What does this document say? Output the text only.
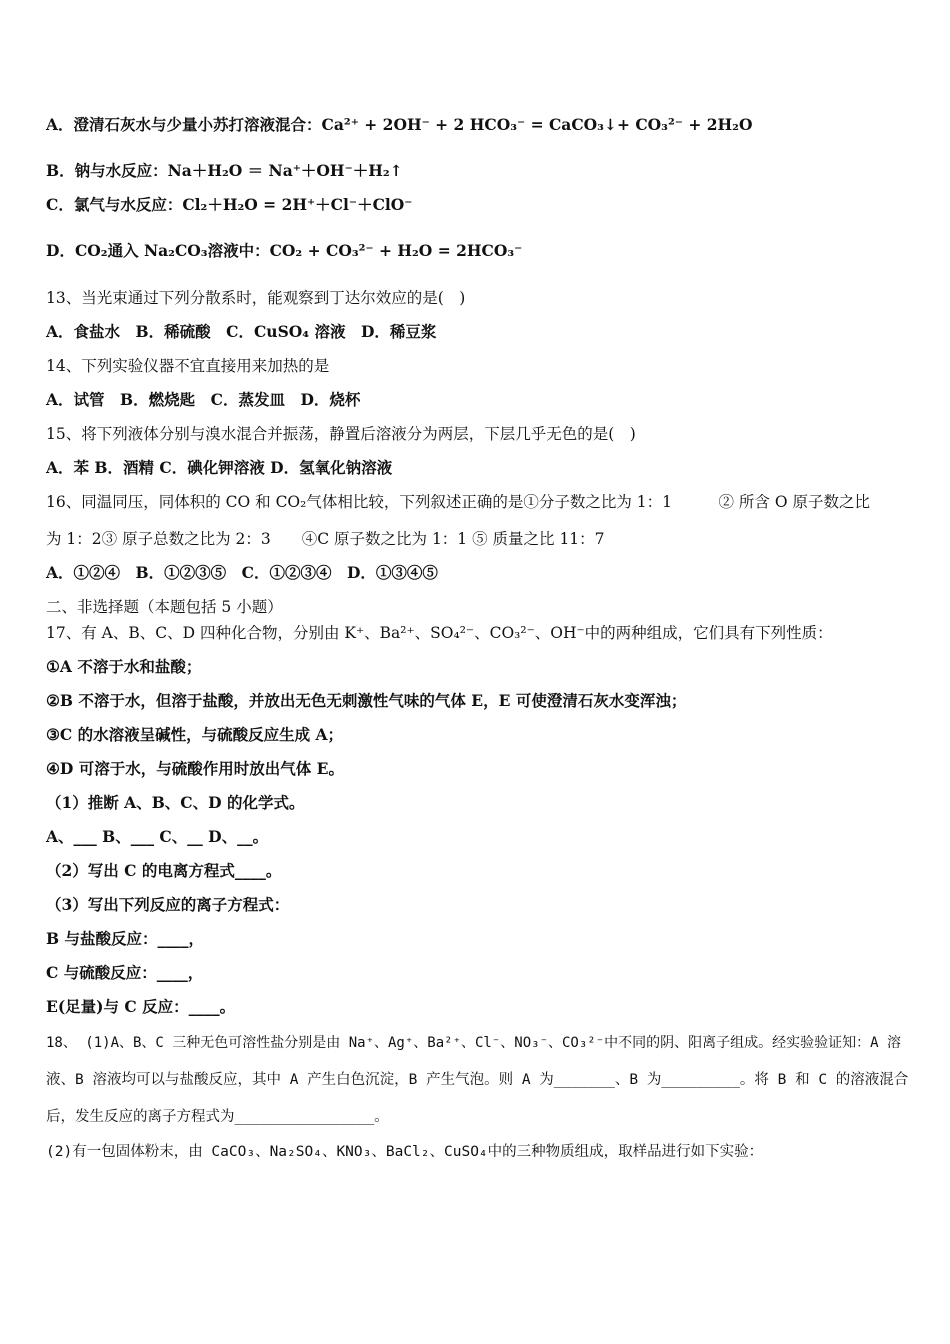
A．澄清石灰水与少量小苏打溶液混合：Ca²⁺ + 2OH⁻ + 2 HCO₃⁻ = CaCO₃↓+ CO₃²⁻ + 2H₂O
B．钠与水反应：Na＋H₂O ＝ Na⁺＋OH⁻＋H₂↑
C．氯气与水反应：Cl₂＋H₂O = 2H⁺＋Cl⁻＋ClO⁻
D．CO₂通入 Na₂CO₃溶液中：CO₂ + CO₃²⁻ + H₂O = 2HCO₃⁻
13、当光束通过下列分散系时，能观察到丁达尔效应的是(　)
A．食盐水　B．稀硫酸　C．CuSO₄ 溶液　D．稀豆浆
14、下列实验仪器不宜直接用来加热的是
A．试管　B．燃烧匙　C．蒸发皿　D．烧杯
15、将下列液体分别与溴水混合并振荡，静置后溶液分为两层，下层几乎无色的是(　)
A．苯 B．酒精 C．碘化钾溶液 D．氢氧化钠溶液
16、同温同压，同体积的 CO 和 CO₂气体相比较，下列叙述正确的是①分子数之比为 1：1　　　② 所含 O 原子数之比
为 1：2③ 原子总数之比为 2：3　　④C 原子数之比为 1：1 ⑤ 质量之比 11：7
A．①②④　B．①②③⑤　C．①②③④　D．①③④⑤
二、非选择题（本题包括 5 小题）
17、有 A、B、C、D 四种化合物，分别由 K⁺、Ba²⁺、SO₄²⁻、CO₃²⁻、OH⁻中的两种组成，它们具有下列性质：
①A 不溶于水和盐酸；
②B 不溶于水，但溶于盐酸，并放出无色无刺激性气味的气体 E，E 可使澄清石灰水变浑浊；
③C 的水溶液呈碱性，与硫酸反应生成 A；
④D 可溶于水，与硫酸作用时放出气体 E。
（1）推断 A、B、C、D 的化学式。
A、___ B、___ C、__ D、__。
（2）写出 C 的电离方程式____。
（3）写出下列反应的离子方程式：
B 与盐酸反应：____，
C 与硫酸反应：____，
E(足量)与 C 反应：____。
18、 (1)A、B、C 三种无色可溶性盐分别是由 Na⁺、Ag⁺、Ba²⁺、Cl⁻、NO₃⁻、CO₃²⁻中不同的阴、阳离子组成。经实验验证知：A 溶
液、B 溶液均可以与盐酸反应，其中 A 产生白色沉淀，B 产生气泡。则 A 为_______、B 为_________。将 B 和 C 的溶液混合
后，发生反应的离子方程式为________________。
(2)有一包固体粉末，由 CaCO₃、Na₂SO₄、KNO₃、BaCl₂、CuSO₄中的三种物质组成，取样品进行如下实验：
